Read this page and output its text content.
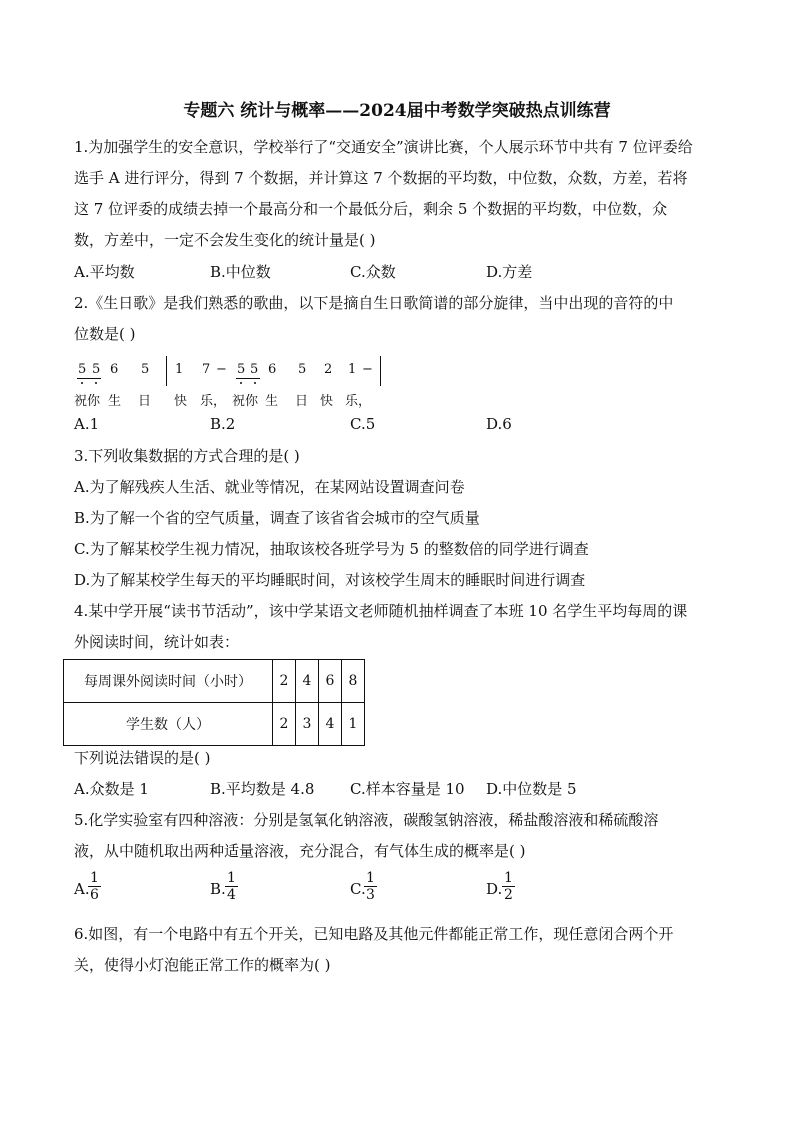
专题六 统计与概率——2024届中考数学突破热点训练营
1.为加强学生的安全意识，学校举行了“交通安全”演讲比赛，个人展示环节中共有 7 位评委给
选手 A 进行评分，得到 7 个数据，并计算这 7 个数据的平均数，中位数，众数，方差，若将
这 7 位评委的成绩去掉一个最高分和一个最低分后，剩余 5 个数据的平均数，中位数，众
数，方差中，一定不会发生变化的统计量是( )
A.平均数	B.中位数	C.众数	D.方差
2.《生日歌》是我们熟悉的歌曲，以下是摘自生日歌简谱的部分旋律，当中出现的音符的中
位数是( )
5 5 6 5 1 7 − 5 5 6 5 2 1 −
祝你 生 日 快 乐， 祝你 生 日 快 乐，
A.1	B.2	C.5	D.6
3.下列收集数据的方式合理的是( )
A.为了解残疾人生活、就业等情况，在某网站设置调查问卷
B.为了解一个省的空气质量，调查了该省省会城市的空气质量
C.为了解某校学生视力情况，抽取该校各班学号为 5 的整数倍的同学进行调查
D.为了解某校学生每天的平均睡眠时间，对该校学生周末的睡眠时间进行调查
4.某中学开展“读书节活动”，该中学某语文老师随机抽样调查了本班 10 名学生平均每周的课
外阅读时间，统计如表：
每周课外阅读时间（小时）	2	4	6	8
学生数（人）	2	3	4	1
下列说法错误的是( )
A.众数是 1	B.平均数是 4.8 C.样本容量是 10 D.中位数是 5
5.化学实验室有四种溶液：分别是氢氧化钠溶液，碳酸氢钠溶液，稀盐酸溶液和稀硫酸溶
液，从中随机取出两种适量溶液，充分混合，有气体生成的概率是( )
A.
$\frac{1}{6}$	B. $\frac{1}{4}$	C.
$\frac{1}{3}$	D. $\frac{1}{2}$
6.如图，有一个电路中有五个开关，已知电路及其他元件都能正常工作，现任意闭合两个开
关，使得小灯泡能正常工作的概率为( )
